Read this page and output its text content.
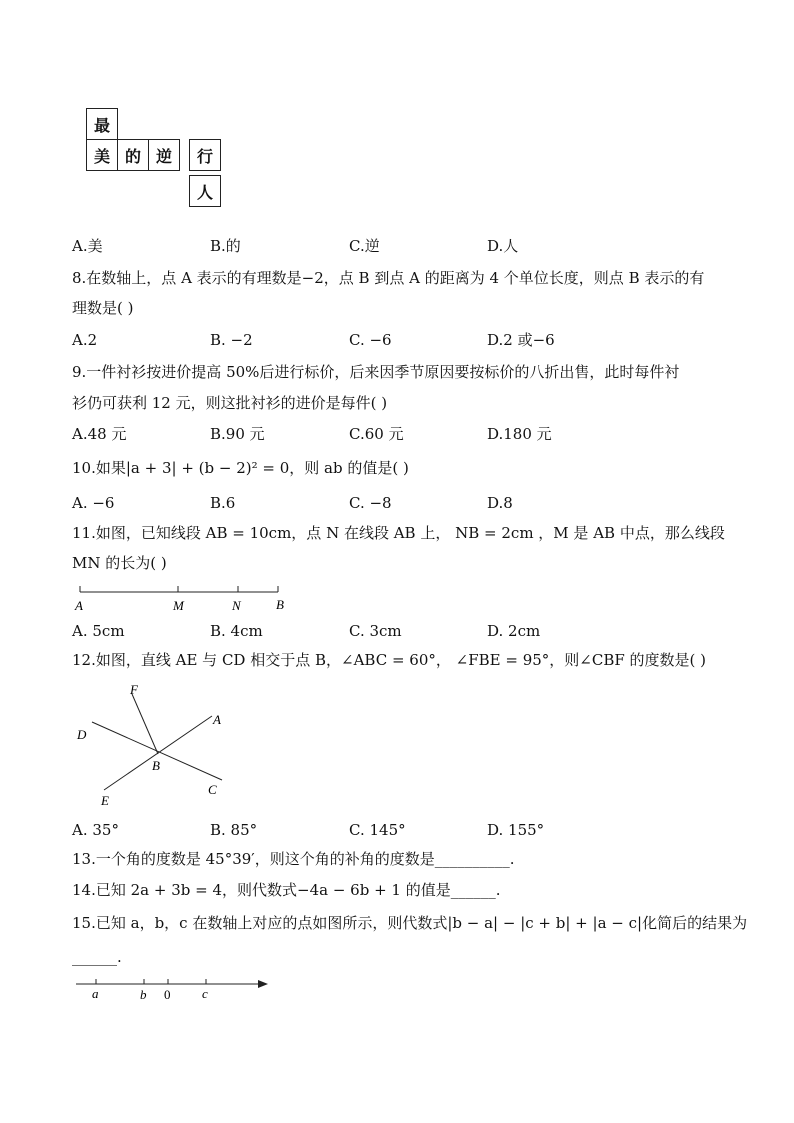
最
美 的 逆	行
人
A.美	B.的	C.逆	D.人
8.在数轴上，点 A 表示的有理数是−2，点 B 到点 A 的距离为 4 个单位长度，则点 B 表示的有
理数是( )
A.2	B. −2	C. −6	D.2 或−6
9.一件衬衫按进价提高 50%后进行标价，后来因季节原因要按标价的八折出售，此时每件衬
衫仍可获利 12 元，则这批衬衫的进价是每件( )
A.48 元	B.90 元	C.60 元	D.180 元
10.如果|a + 3| + (b − 2)² = 0，则 ab 的值是( )
A. −6	B.6	C. −8	D.8
11.如图，已知线段 AB = 10cm，点 N 在线段 AB 上， NB = 2cm ，M 是 AB 中点，那么线段
MN 的长为( )
A	M	N	B
A. 5cm	B. 4cm	C. 3cm	D. 2cm
12.如图，直线 AE 与 CD 相交于点 B，∠ABC = 60°， ∠FBE = 95°，则∠CBF 的度数是( )
F
A
D
B
E
C
A. 35°	B. 85°	C. 145°	D. 155°
13.一个角的度数是 45°39′，则这个角的补角的度数是__________.
14.已知 2a + 3b = 4，则代数式−4a − 6b + 1 的值是______.
15.已知 a，b，c 在数轴上对应的点如图所示，则代数式|b − a| − |c + b| + |a − c|化简后的结果为
______.
a	b 0 c
